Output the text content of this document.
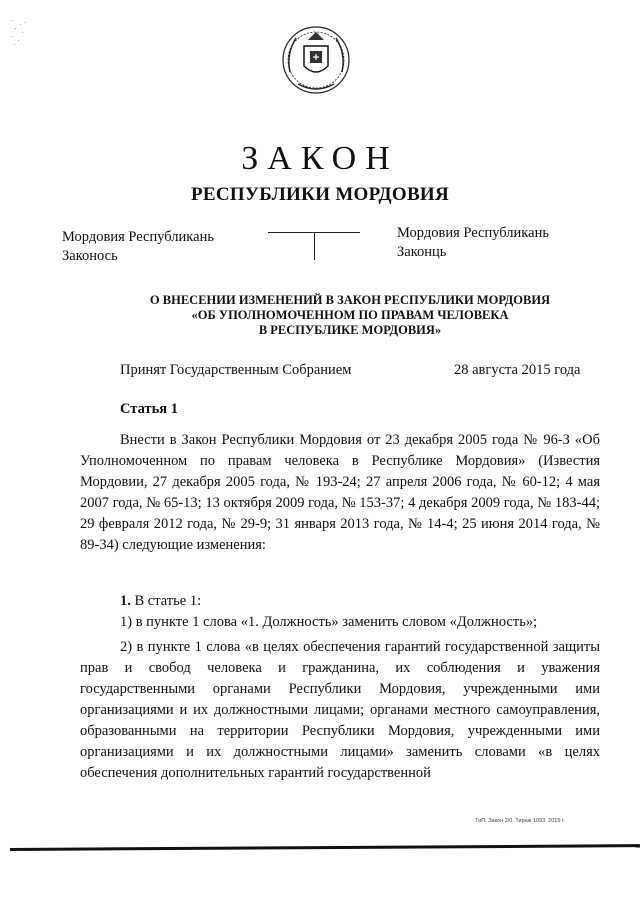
ЗАКОН
РЕСПУБЛИКИ МОРДОВИЯ
Мордовия Республикань
Законось
Мордовия Республикань
Законць
О ВНЕСЕНИИ ИЗМЕНЕНИЙ В ЗАКОН РЕСПУБЛИКИ МОРДОВИЯ
«ОБ УПОЛНОМОЧЕННОМ ПО ПРАВАМ ЧЕЛОВЕКА
В РЕСПУБЛИКЕ МОРДОВИЯ»
Принят Государственным Собранием	28 августа 2015 года
Статья 1
Внести в Закон Республики Мордовия от 23 декабря 2005 года № 96-З «Об Уполномоченном по правам человека в Республике Мордовия» (Известия Мордовии, 27 декабря 2005 года, № 193-24; 27 апреля 2006 года, № 60-12; 4 мая 2007 года, № 65-13; 13 октября 2009 года, № 153-37; 4 декабря 2009 года, № 183-44; 29 февраля 2012 года, № 29-9; 31 января 2013 года, № 14-4; 25 июня 2014 года, № 89-34) следующие изменения:
1. В статье 1:
1) в пункте 1 слова «1. Должность» заменить словом «Должность»;
2) в пункте 1 слова «в целях обеспечения гарантий государственной защиты прав и свобод человека и гражданина, их соблюдения и уважения государственными органами Республики Мордовия, учрежденными ими организациями и их должностными лицами; органами местного самоуправления, образованными на территории Республики Мордовия, учрежденными ими организациями и их должностными лицами» заменить словами «в целях обеспечения дополнительных гарантий государственной
ТиП. Закон 2/0. Тираж 1093. 2015 г.
